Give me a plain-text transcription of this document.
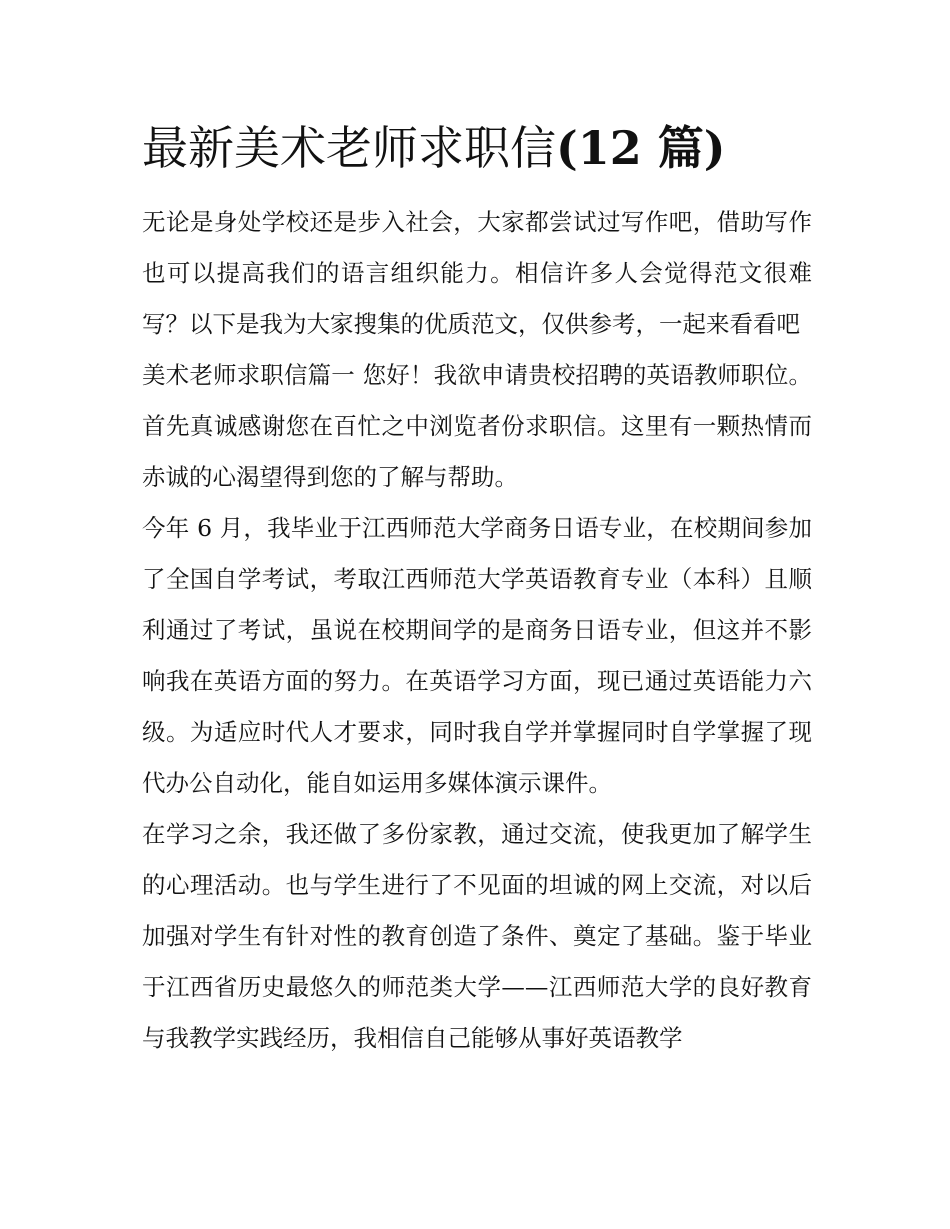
最新美术老师求职信(12 篇)

无论是身处学校还是步入社会，大家都尝试过写作吧，借助写作也可以提高我们的语言组织能力。相信许多人会觉得范文很难写？以下是我为大家搜集的优质范文，仅供参考，一起来看看吧

美术老师求职信篇一 您好！我欲申请贵校招聘的英语教师职位。首先真诚感谢您在百忙之中浏览者份求职信。这里有一颗热情而赤诚的心渴望得到您的了解与帮助。

今年 6 月，我毕业于江西师范大学商务日语专业，在校期间参加了全国自学考试，考取江西师范大学英语教育专业（本科）且顺利通过了考试，虽说在校期间学的是商务日语专业，但这并不影响我在英语方面的努力。在英语学习方面，现已通过英语能力六级。为适应时代人才要求，同时我自学并掌握同时自学掌握了现代办公自动化，能自如运用多媒体演示课件。

在学习之余，我还做了多份家教，通过交流，使我更加了解学生的心理活动。也与学生进行了不见面的坦诚的网上交流，对以后加强对学生有针对性的教育创造了条件、奠定了基础。鉴于毕业于江西省历史最悠久的师范类大学——江西师范大学的良好教育与我教学实践经历，我相信自己能够从事好英语教学
